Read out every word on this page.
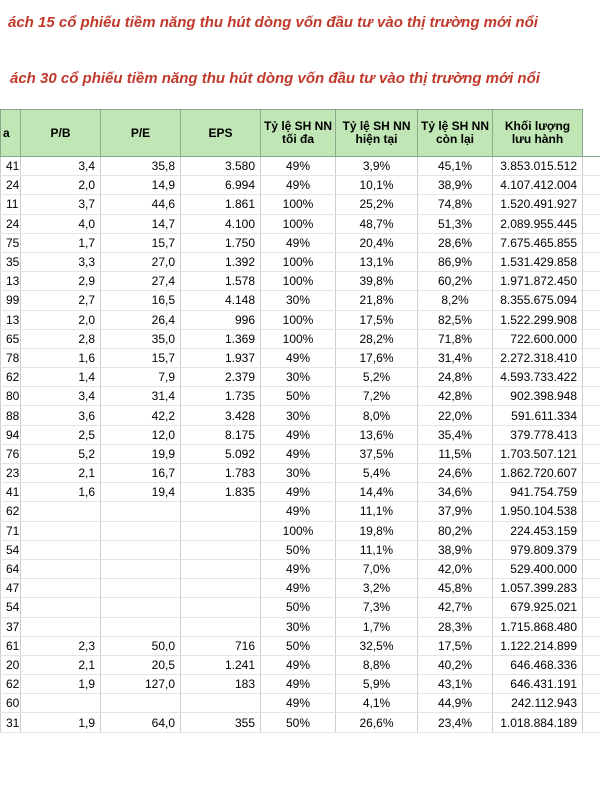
ách 15 cổ phiếu tiềm năng thu hút dòng vốn đầu tư vào thị trường mới nổi
ách 30 cổ phiếu tiềm năng thu hút dòng vốn đầu tư vào thị trường mới nổi
a	P/B	P/E	EPS	Tỷ lệ SH NN tối đa	Tỷ lệ SH NN hiện tại	Tỷ lệ SH NN còn lại	Khối lượng lưu hành	
41	3,4	35,8	3.580	49%	3,9%	45,1%	3.853.015.512	
24	2,0	14,9	6.994	49%	10,1%	38,9%	4.107.412.004	
11	3,7	44,6	1.861	100%	25,2%	74,8%	1.520.491.927	
24	4,0	14,7	4.100	100%	48,7%	51,3%	2.089.955.445	
75	1,7	15,7	1.750	49%	20,4%	28,6%	7.675.465.855	
35	3,3	27,0	1.392	100%	13,1%	86,9%	1.531.429.858	
13	2,9	27,4	1.578	100%	39,8%	60,2%	1.971.872.450	
99	2,7	16,5	4.148	30%	21,8%	8,2%	8.355.675.094	
13	2,0	26,4	996	100%	17,5%	82,5%	1.522.299.908	
65	2,8	35,0	1.369	100%	28,2%	71,8%	722.600.000	
78	1,6	15,7	1.937	49%	17,6%	31,4%	2.272.318.410	
62	1,4	7,9	2.379	30%	5,2%	24,8%	4.593.733.422	
80	3,4	31,4	1.735	50%	7,2%	42,8%	902.398.948	
88	3,6	42,2	3.428	30%	8,0%	22,0%	591.611.334	
94	2,5	12,0	8.175	49%	13,6%	35,4%	379.778.413	
76	5,2	19,9	5.092	49%	37,5%	11,5%	1.703.507.121	
23	2,1	16,7	1.783	30%	5,4%	24,6%	1.862.720.607	
41	1,6	19,4	1.835	49%	14,4%	34,6%	941.754.759	
62				49%	11,1%	37,9%	1.950.104.538	
71				100%	19,8%	80,2%	224.453.159	
54				50%	11,1%	38,9%	979.809.379	
64				49%	7,0%	42,0%	529.400.000	
47				49%	3,2%	45,8%	1.057.399.283	
54				50%	7,3%	42,7%	679.925.021	
37				30%	1,7%	28,3%	1.715.868.480	
61	2,3	50,0	716	50%	32,5%	17,5%	1.122.214.899	
20	2,1	20,5	1.241	49%	8,8%	40,2%	646.468.336	
62	1,9	127,0	183	49%	5,9%	43,1%	646.431.191	
60				49%	4,1%	44,9%	242.112.943	
31	1,9	64,0	355	50%	26,6%	23,4%	1.018.884.189	
